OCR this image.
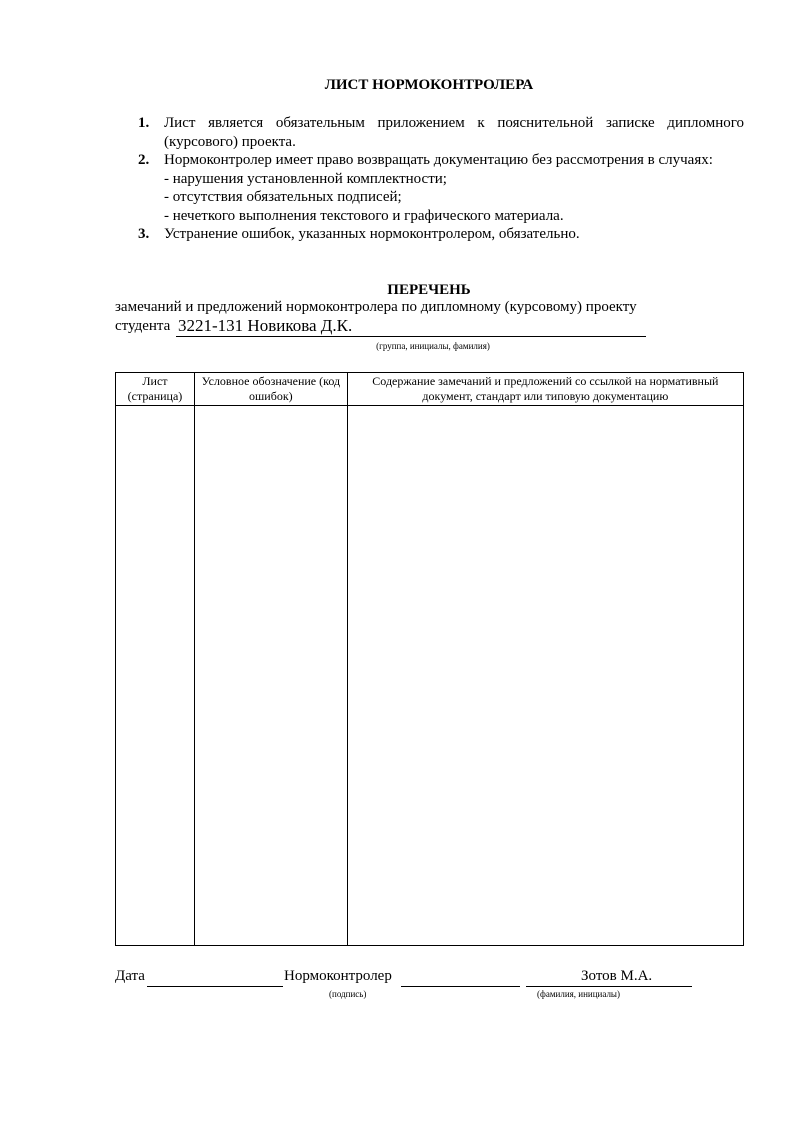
ЛИСТ НОРМОКОНТРОЛЕРА
1. Лист является обязательным приложением к пояснительной записке дипломного (курсового) проекта.
2. Нормоконтролер имеет право возвращать документацию без рассмотрения в случаях:
- нарушения установленной комплектности;
- отсутствия обязательных подписей;
- нечеткого выполнения текстового и графического материала.
3. Устранение ошибок, указанных нормоконтролером, обязательно.
ПЕРЕЧЕНЬ
замечаний и предложений нормоконтролера по дипломному (курсовому) проекту
студента 3221-131 Новикова Д.К.
(группа, инициалы, фамилия)
Лист (страница)	Условное обозначение (код ошибок)	Содержание замечаний и предложений со ссылкой на нормативный документ, стандарт или типовую документацию

Дата	Нормоконтролер
(подпись)
Зотов М.А.
(фамилия, инициалы)
